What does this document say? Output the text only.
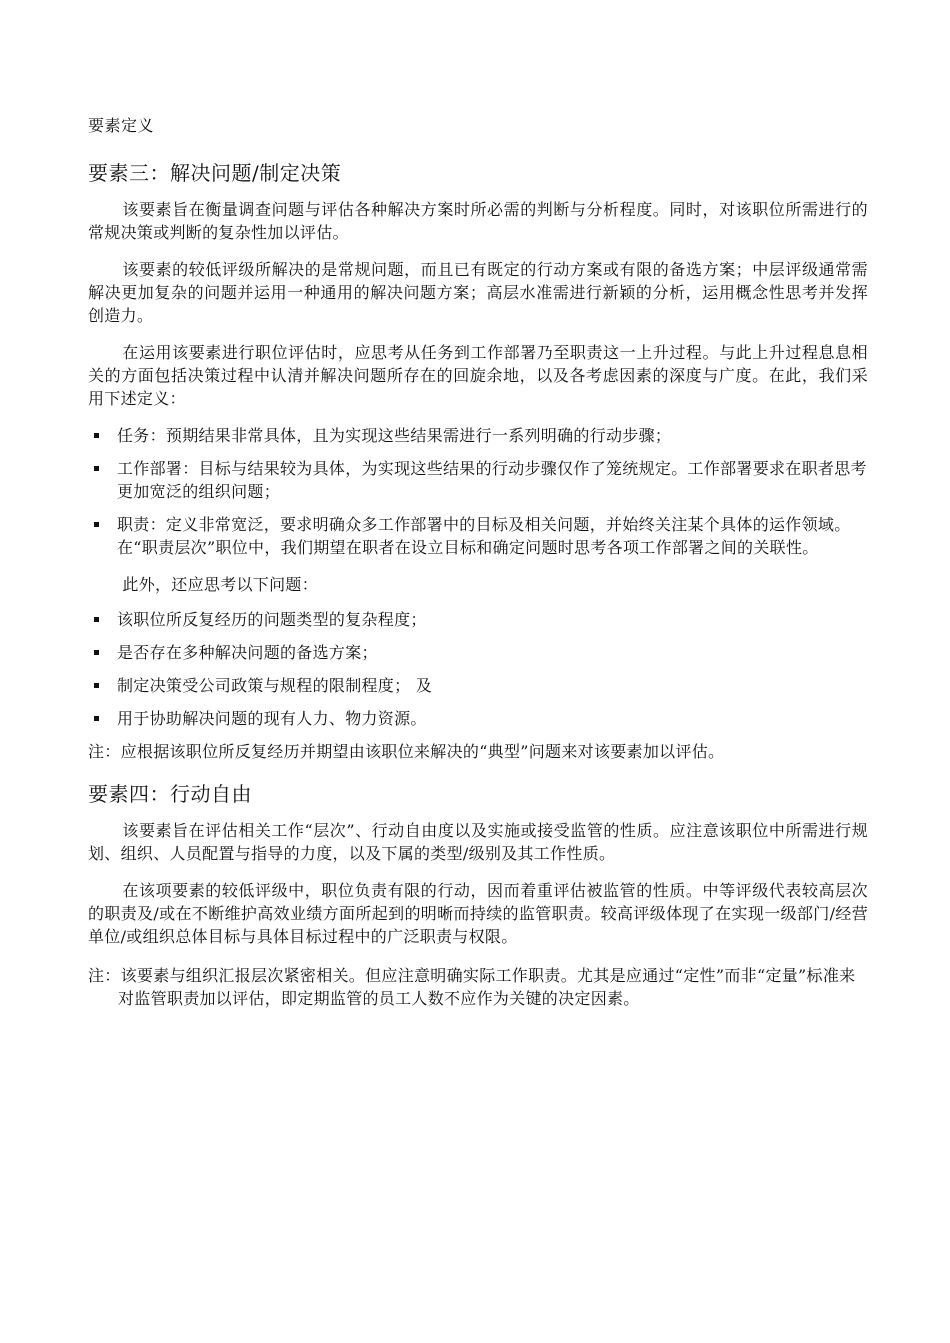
要素定义
要素三：解决问题/制定决策

该要素旨在衡量调查问题与评估各种解决方案时所必需的判断与分析程度。同时，对该职位所需进行的常规决策或判断的复杂性加以评估。

该要素的较低评级所解决的是常规问题，而且已有既定的行动方案或有限的备选方案；中层评级通常需解决更加复杂的问题并运用一种通用的解决问题方案；高层水准需进行新颖的分析，运用概念性思考并发挥创造力。

在运用该要素进行职位评估时，应思考从任务到工作部署乃至职责这一上升过程。与此上升过程息息相关的方面包括决策过程中认清并解决问题所存在的回旋余地，以及各考虑因素的深度与广度。在此，我们采用下述定义：

任务：预期结果非常具体，且为实现这些结果需进行一系列明确的行动步骤；
工作部署：目标与结果较为具体，为实现这些结果的行动步骤仅作了笼统规定。工作部署要求在职者思考更加宽泛的组织问题；
职责：定义非常宽泛，要求明确众多工作部署中的目标及相关问题，并始终关注某个具体的运作领域。在“职责层次”职位中，我们期望在职者在设立目标和确定问题时思考各项工作部署之间的关联性。

此外，还应思考以下问题：

该职位所反复经历的问题类型的复杂程度；
是否存在多种解决问题的备选方案；
制定决策受公司政策与规程的限制程度； 及
用于协助解决问题的现有人力、物力资源。

注：应根据该职位所反复经历并期望由该职位来解决的“典型”问题来对该要素加以评估。

要素四：行动自由

该要素旨在评估相关工作“层次”、行动自由度以及实施或接受监管的性质。应注意该职位中所需进行规划、组织、人员配置与指导的力度，以及下属的类型/级别及其工作性质。

在该项要素的较低评级中，职位负责有限的行动，因而着重评估被监管的性质。中等评级代表较高层次的职责及/或在不断维护高效业绩方面所起到的明晰而持续的监管职责。较高评级体现了在实现一级部门/经营单位/或组织总体目标与具体目标过程中的广泛职责与权限。

注：该要素与组织汇报层次紧密相关。但应注意明确实际工作职责。尤其是应通过“定性”而非“定量”标准来对监管职责加以评估，即定期监管的员工人数不应作为关键的决定因素。
